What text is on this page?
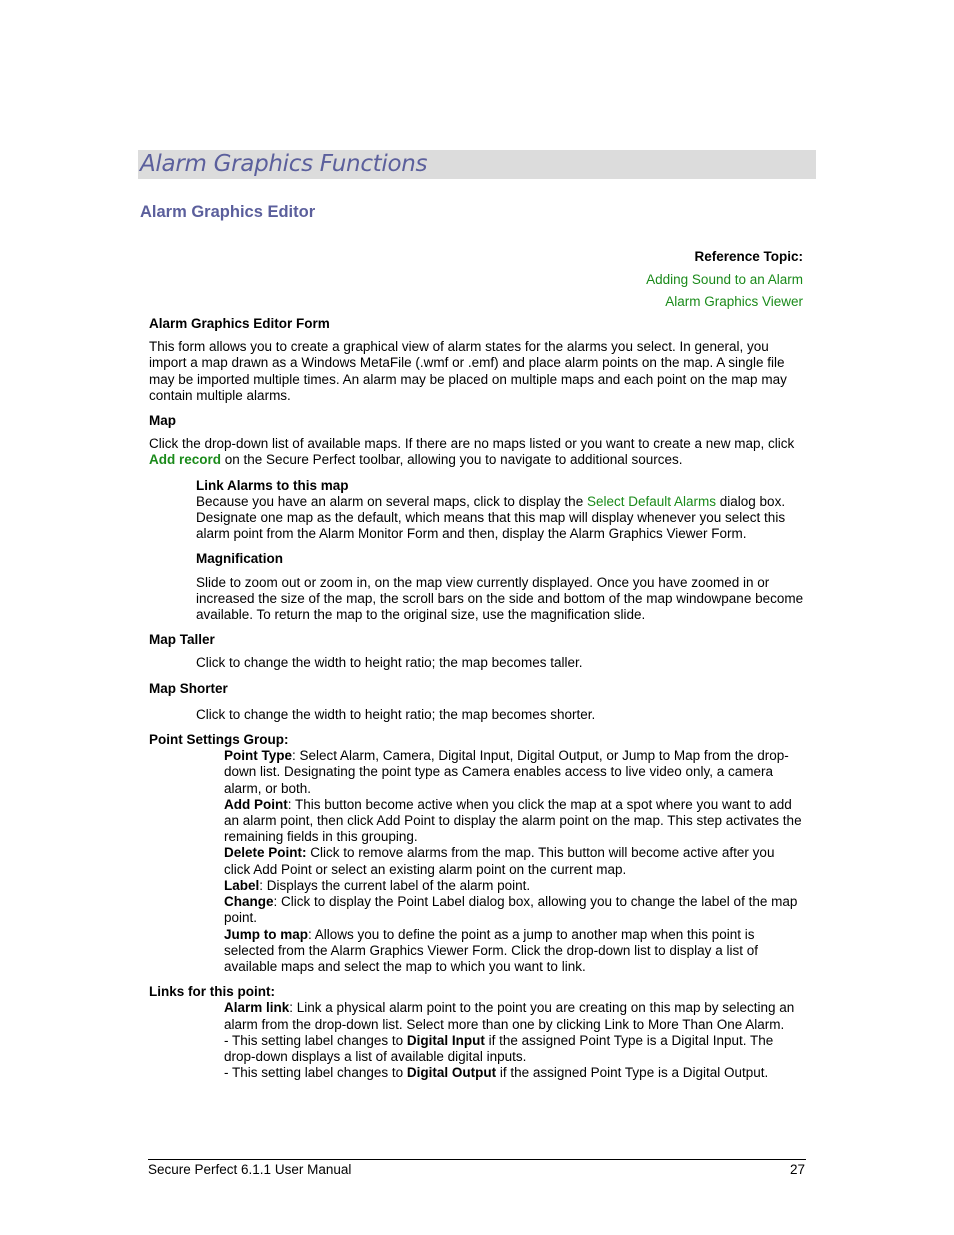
Alarm Graphics Functions
Alarm Graphics Editor
Reference Topic:
Adding Sound to an Alarm
Alarm Graphics Viewer

Alarm Graphics Editor Form

This form allows you to create a graphical view of alarm states for the alarms you select. In general, you import a map drawn as a Windows MetaFile (.wmf or .emf) and place alarm points on the map. A single file may be imported multiple times. An alarm may be placed on multiple maps and each point on the map may contain multiple alarms.

Map

Click the drop-down list of available maps. If there are no maps listed or you want to create a new map, click Add record on the Secure Perfect toolbar, allowing you to navigate to additional sources.

Link Alarms to this map

Because you have an alarm on several maps, click to display the Select Default Alarms dialog box. Designate one map as the default, which means that this map will display whenever you select this alarm point from the Alarm Monitor Form and then, display the Alarm Graphics Viewer Form.

Magnification

Slide to zoom out or zoom in, on the map view currently displayed. Once you have zoomed in or increased the size of the map, the scroll bars on the side and bottom of the map windowpane become available. To return the map to the original size, use the magnification slide.

Map Taller

Click to change the width to height ratio; the map becomes taller.

Map Shorter

Click to change the width to height ratio; the map becomes shorter.

Point Settings Group:

Point Type: Select Alarm, Camera, Digital Input, Digital Output, or Jump to Map from the drop-down list. Designating the point type as Camera enables access to live video only, a camera alarm, or both.

Add Point: This button become active when you click the map at a spot where you want to add an alarm point, then click Add Point to display the alarm point on the map. This step activates the remaining fields in this grouping.

Delete Point: Click to remove alarms from the map. This button will become active after you click Add Point or select an existing alarm point on the current map.

Label: Displays the current label of the alarm point.

Change: Click to display the Point Label dialog box, allowing you to change the label of the map point.

Jump to map: Allows you to define the point as a jump to another map when this point is selected from the Alarm Graphics Viewer Form. Click the drop-down list to display a list of available maps and select the map to which you want to link.

Links for this point:

Alarm link: Link a physical alarm point to the point you are creating on this map by selecting an alarm from the drop-down list. Select more than one by clicking Link to More Than One Alarm.

- This setting label changes to Digital Input if the assigned Point Type is a Digital Input. The drop-down displays a list of available digital inputs.

- This setting label changes to Digital Output if the assigned Point Type is a Digital Output.

Secure Perfect 6.1.1 User Manual	27
